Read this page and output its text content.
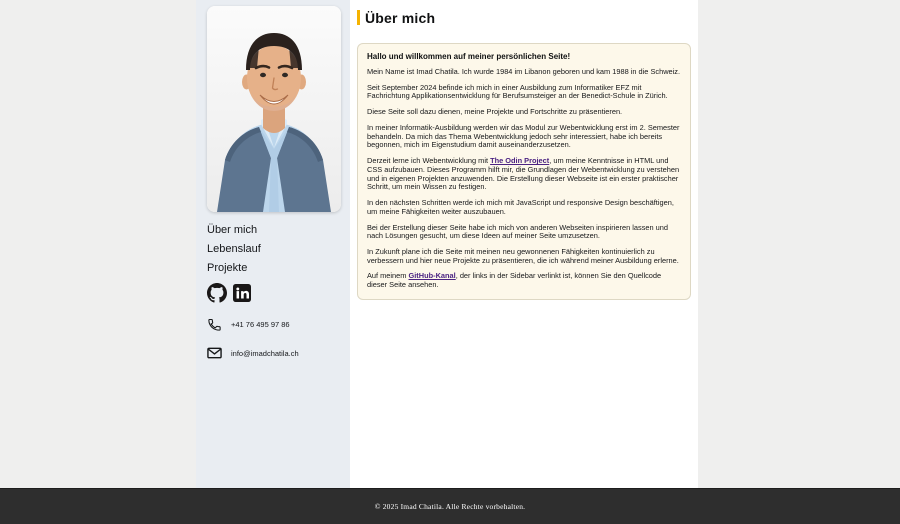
Über mich
Lebenslauf
Projekte
+41 76 495 97 86
info@imadchatila.ch
Über mich
Hallo und willkommen auf meiner persönlichen Seite!

Mein Name ist Imad Chatila. Ich wurde 1984 im Libanon geboren und kam 1988 in die Schweiz.

Seit September 2024 befinde ich mich in einer Ausbildung zum Informatiker EFZ mit Fachrichtung Applikationsentwicklung für Berufsumsteiger an der Benedict-Schule in Zürich.

Diese Seite soll dazu dienen, meine Projekte und Fortschritte zu präsentieren.

In meiner Informatik-Ausbildung werden wir das Modul zur Webentwicklung erst im 2. Semester behandeln. Da mich das Thema Webentwicklung jedoch sehr interessiert, habe ich bereits begonnen, mich im Eigenstudium damit auseinanderzusetzen.

Derzeit lerne ich Webentwicklung mit The Odin Project, um meine Kenntnisse in HTML und CSS aufzubauen. Dieses Programm hilft mir, die Grundlagen der Webentwicklung zu verstehen und in eigenen Projekten anzuwenden. Die Erstellung dieser Webseite ist ein erster praktischer Schritt, um mein Wissen zu festigen.

In den nächsten Schritten werde ich mich mit JavaScript und responsive Design beschäftigen, um meine Fähigkeiten weiter auszubauen.

Bei der Erstellung dieser Seite habe ich mich von anderen Webseiten inspirieren lassen und nach Lösungen gesucht, um diese Ideen auf meiner Seite umzusetzen.

In Zukunft plane ich die Seite mit meinen neu gewonnenen Fähigkeiten kontinuierlich zu verbessern und hier neue Projekte zu präsentieren, die ich während meiner Ausbildung erlerne.

Auf meinem GitHub-Kanal, der links in der Sidebar verlinkt ist, können Sie den Quellcode dieser Seite ansehen.

© 2025 Imad Chatila. Alle Rechte vorbehalten.
